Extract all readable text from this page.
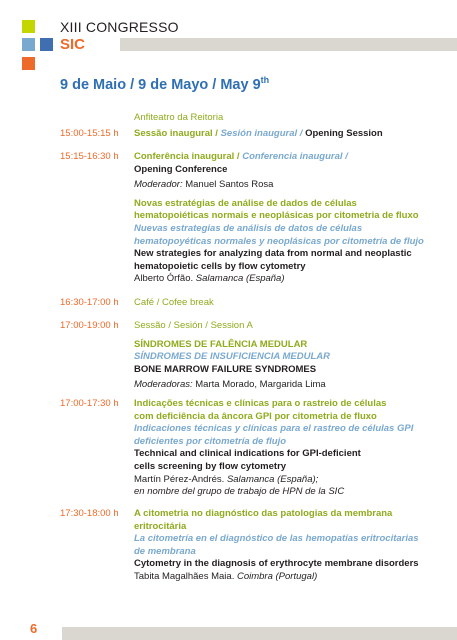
XIII CONGRESSO
SIC
9 de Maio / 9 de Mayo / May 9th
Anfiteatro da Reitoria
15:00-15:15 h Sessão inaugural / Sesión inaugural / Opening Session
15:15-16:30 h Conferência inaugural / Conferencia inaugural /
Opening Conference
Moderador: Manuel Santos Rosa
Novas estratégias de análise de dados de células
hematopoiéticas normais e neoplásicas por citometria de fluxo
Nuevas estrategias de análisis de datos de células
hematopoyéticas normales y neoplásicas por citometría de flujo
New strategies for analyzing data from normal and neoplastic
hematopoietic cells by flow cytometry
Alberto Órfão. Salamanca (España)
16:30-17:00 h Café / Cofee break
17:00-19:00 h Sessão / Sesión / Session A
SÍNDROMES DE FALÊNCIA MEDULAR
SÍNDROMES DE INSUFICIENCIA MEDULAR
BONE MARROW FAILURE SYNDROMES
Moderadoras: Marta Morado, Margarida Lima
17:00-17:30 h Indicações técnicas e clínicas para o rastreio de células
com deficiência da âncora GPI por citometria de fluxo
Indicaciones técnicas y clínicas para el rastreo de células GPI
deficientes por citometría de flujo
Technical and clinical indications for GPI-deficient
cells screening by flow cytometry
Martín Pérez-Andrés. Salamanca (España);
en nombre del grupo de trabajo de HPN de la SIC
17:30-18:00 h A citometria no diagnóstico das patologias da membrana
eritrocitária
La citometría en el diagnóstico de las hemopatías eritrocitarias
de membrana
Cytometry in the diagnosis of erythrocyte membrane disorders
Tabita Magalhães Maia. Coimbra (Portugal)
6
